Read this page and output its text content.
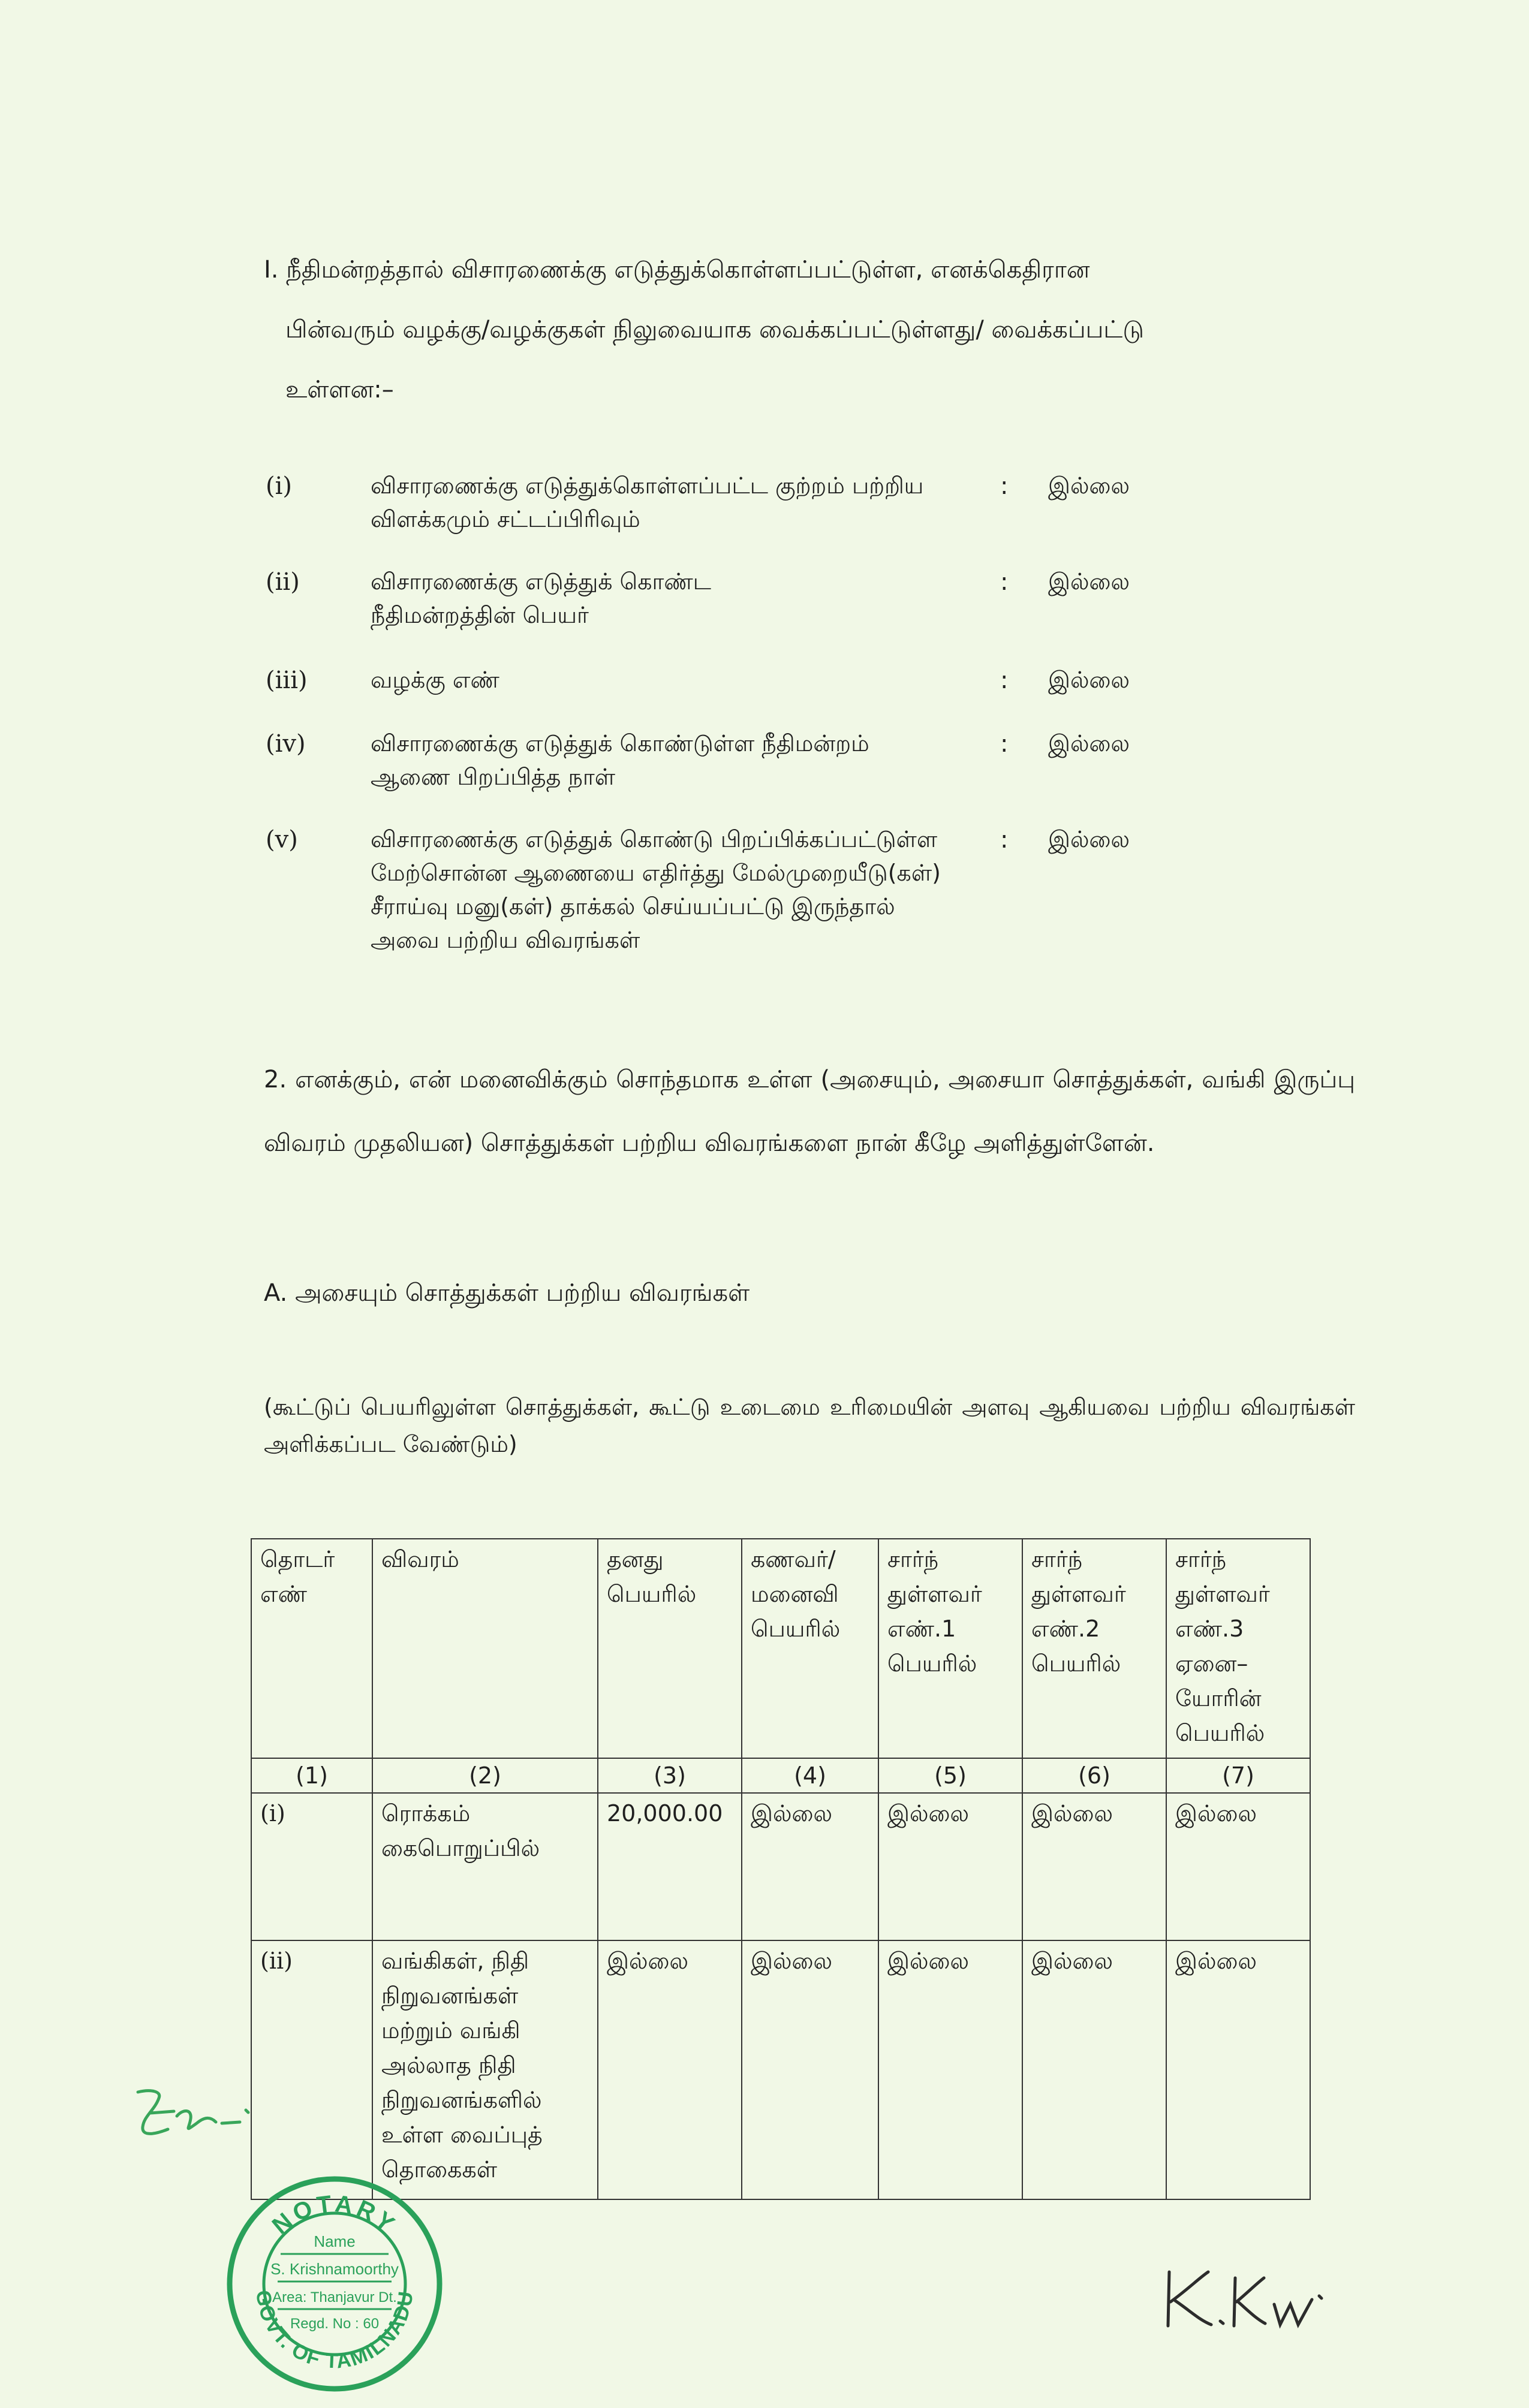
I. நீதிமன்றத்தால் விசாரணைக்கு எடுத்துக்கொள்ளப்பட்டுள்ள, எனக்கெதிரான
பின்வரும் வழக்கு/வழக்குகள் நிலுவையாக வைக்கப்பட்டுள்ளது/ வைக்கப்பட்டு
உள்ளன:–
(i)	விசாரணைக்கு எடுத்துக்கொள்ளப்பட்ட குற்றம் பற்றிய விளக்கமும் சட்டப்பிரிவும்
: இல்லை
(ii)	விசாரணைக்கு எடுத்துக் கொண்ட நீதிமன்றத்தின் பெயர்
: இல்லை
(iii)	வழக்கு எண்	: இல்லை
(iv)	விசாரணைக்கு எடுத்துக் கொண்டுள்ள நீதிமன்றம் ஆணை பிறப்பித்த நாள்
: இல்லை
(v)	விசாரணைக்கு எடுத்துக் கொண்டு பிறப்பிக்கப்பட்டுள்ள மேற்சொன்ன ஆணையை எதிர்த்து மேல்முறையீடு(கள்) சீராய்வு மனு(கள்) தாக்கல் செய்யப்பட்டு இருந்தால் அவை பற்றிய விவரங்கள்
: இல்லை
2. எனக்கும், என் மனைவிக்கும் சொந்தமாக உள்ள (அசையும், அசையா சொத்துக்கள், வங்கி இருப்பு விவரம் முதலியன) சொத்துக்கள் பற்றிய விவரங்களை நான் கீழே அளித்துள்ளேன்.
A. அசையும் சொத்துக்கள் பற்றிய விவரங்கள்
(கூட்டுப் பெயரிலுள்ள சொத்துக்கள், கூட்டு உடைமை உரிமையின் அளவு ஆகியவை பற்றிய விவரங்கள் அளிக்கப்பட வேண்டும்)
தொடர் எண்	விவரம்	தனது பெயரில்	கணவர்/ மனைவி பெயரில்	சார்ந் துள்ளவர் எண்.1 பெயரில்	சார்ந் துள்ளவர் எண்.2 பெயரில்	சார்ந் துள்ளவர் எண்.3 ஏனை– யோரின் பெயரில்
(1)	(2)	(3)	(4)	(5)	(6)	(7)
(i)	ரொக்கம் கைபொறுப்பில்	20,000.00	இல்லை	இல்லை	இல்லை	இல்லை
(ii)	வங்கிகள், நிதி நிறுவனங்கள் மற்றும் வங்கி அல்லாத நிதி நிறுவனங்களில் உள்ள வைப்புத் தொகைகள்	இல்லை	இல்லை	இல்லை	இல்லை	இல்லை
NOTARY
GOVT. OF TAMILNADU
Name
S. Krishnamoorthy
Area: Thanjavur Dt.
Regd. No : 60
